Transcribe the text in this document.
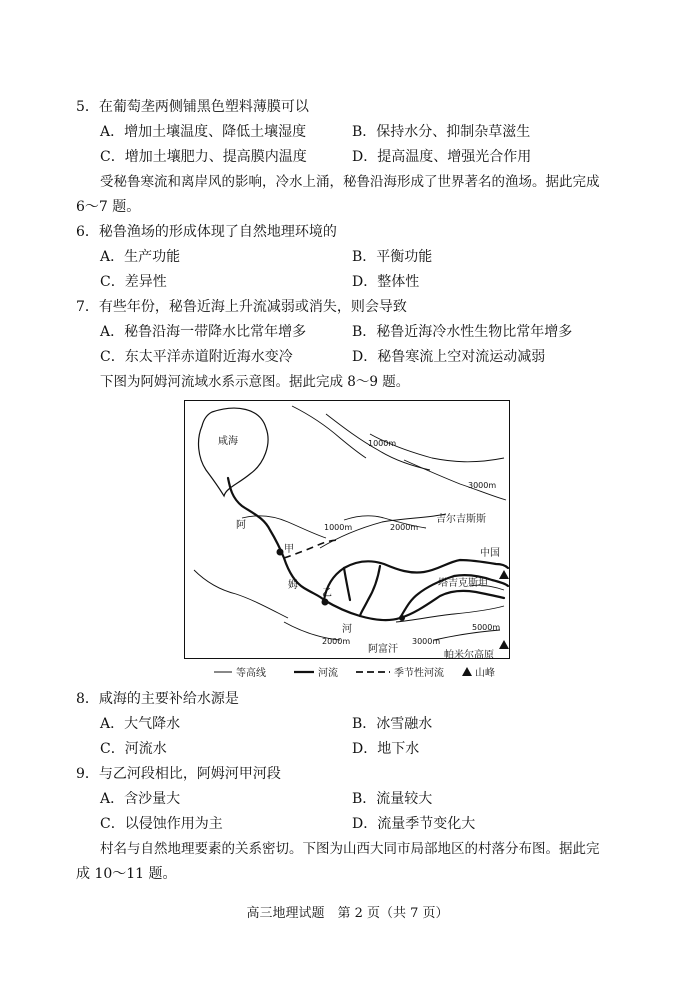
5．在葡萄垄两侧铺黑色塑料薄膜可以
A．增加土壤温度、降低土壤湿度	B．保持水分、抑制杂草滋生
C．增加土壤肥力、提高膜内温度	D．提高温度、增强光合作用
受秘鲁寒流和离岸风的影响，冷水上涌，秘鲁沿海形成了世界著名的渔场。据此完成
6～7 题。
6．秘鲁渔场的形成体现了自然地理环境的
A．生产功能	B．平衡功能
C．差异性	D．整体性
7．有些年份，秘鲁近海上升流减弱或消失，则会导致
A．秘鲁沿海一带降水比常年增多	B．秘鲁近海冷水性生物比常年增多
C．东太平洋赤道附近海水变冷	D．秘鲁寒流上空对流运动减弱
下图为阿姆河流域水系示意图。据此完成 8～9 题。
咸海
阿
姆
河
甲
乙
1000m
3000m
1000m	2000m
2000m	3000m
5000m
吉尔吉斯斯
中国
塔吉克斯坦
阿富汗
帕米尔高原
等高线	河流	季节性河流	山峰
8．咸海的主要补给水源是
A．大气降水	B．冰雪融水
C．河流水	D．地下水
9．与乙河段相比，阿姆河甲河段
A．含沙量大	B．流量较大
C．以侵蚀作用为主	D．流量季节变化大
村名与自然地理要素的关系密切。下图为山西大同市局部地区的村落分布图。据此完
成 10～11 题。
高三地理试题　第 2 页（共 7 页）
